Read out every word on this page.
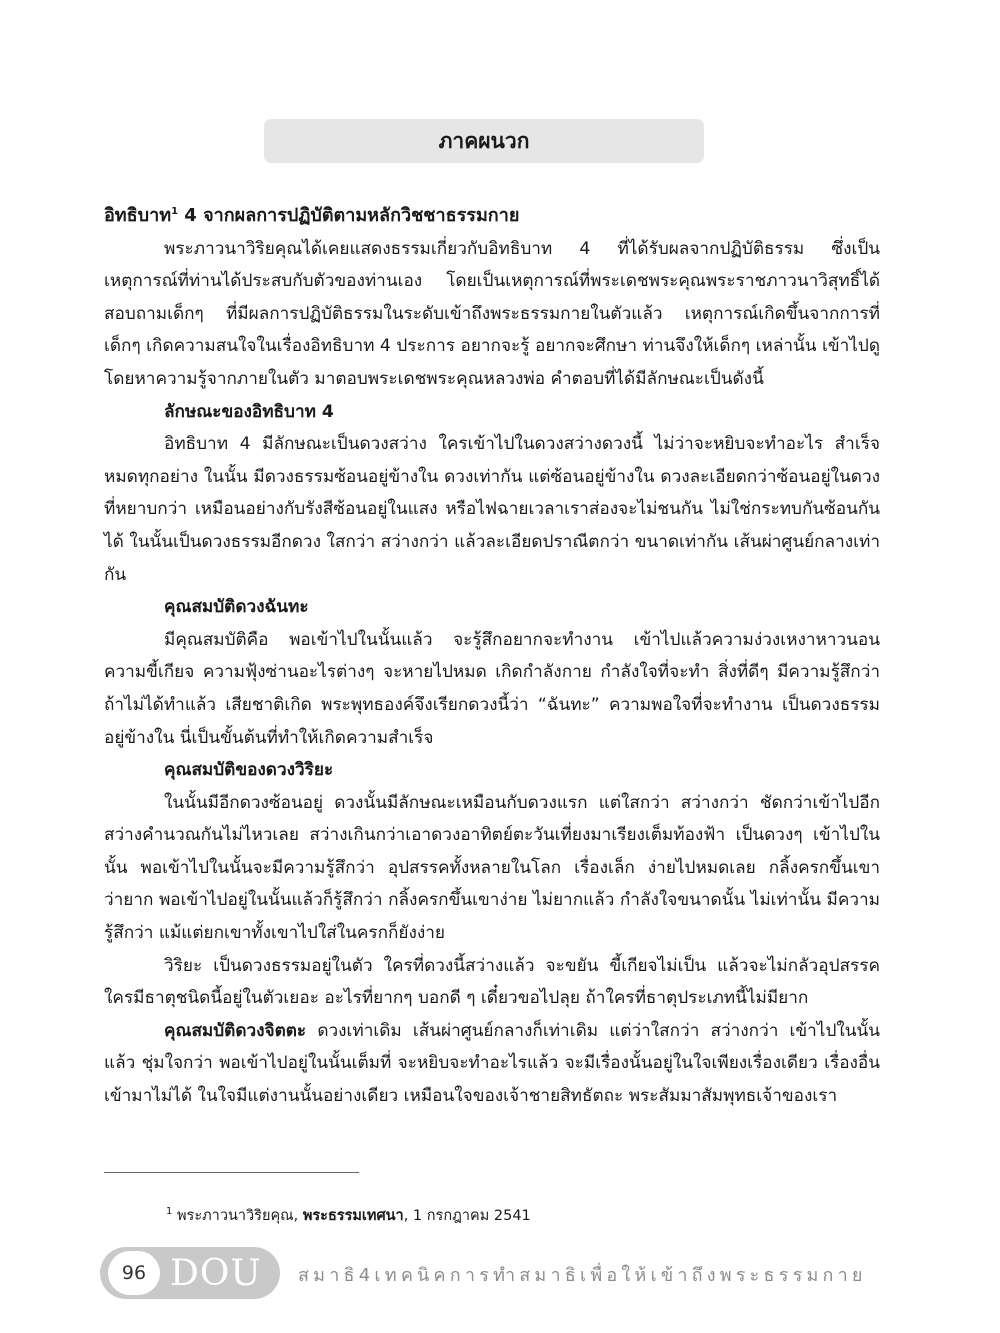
ภาคผนวก

อิทธิบาท$^1$ 4 จากผลการปฏิบัติตามหลักวิชชาธรรมกาย

พระภาวนาวิริยคุณได้เคยแสดงธรรมเกี่ยวกับอิทธิบาท 4 ที่ได้รับผลจากปฏิบัติธรรม ซึ่งเป็นเหตุการณ์ที่ท่านได้ประสบกับตัวของท่านเอง โดยเป็นเหตุการณ์ที่พระเดชพระคุณพระราชภาวนาวิสุทธิ์ได้สอบถามเด็กๆ ที่มีผลการปฏิบัติธรรมในระดับเข้าถึงพระธรรมกายในตัวแล้ว เหตุการณ์เกิดขึ้นจากการที่เด็กๆ เกิดความสนใจในเรื่องอิทธิบาท 4 ประการ อยากจะรู้ อยากจะศึกษา ท่านจึงให้เด็กๆ เหล่านั้น เข้าไปดูโดยหาความรู้จากภายในตัว มาตอบพระเดชพระคุณหลวงพ่อ คำตอบที่ได้มีลักษณะเป็นดังนี้

ลักษณะของอิทธิบาท 4

อิทธิบาท 4 มีลักษณะเป็นดวงสว่าง ใครเข้าไปในดวงสว่างดวงนี้ ไม่ว่าจะหยิบจะทำอะไร สำเร็จหมดทุกอย่าง ในนั้น มีดวงธรรมซ้อนอยู่ข้างใน ดวงเท่ากัน แต่ซ้อนอยู่ข้างใน ดวงละเอียดกว่าซ้อนอยู่ในดวงที่หยาบกว่า เหมือนอย่างกับรังสีซ้อนอยู่ในแสง หรือไฟฉายเวลาเราส่องจะไม่ชนกัน ไม่ใช่กระทบกันซ้อนกันได้ ในนั้นเป็นดวงธรรมอีกดวง ใสกว่า สว่างกว่า แล้วละเอียดปราณีตกว่า ขนาดเท่ากัน เส้นผ่าศูนย์กลางเท่ากัน

คุณสมบัติดวงฉันทะ

มีคุณสมบัติคือ พอเข้าไปในนั้นแล้ว จะรู้สึกอยากจะทำงาน เข้าไปแล้วความง่วงเหงาหาวนอน ความขี้เกียจ ความฟุ้งซ่านอะไรต่างๆ จะหายไปหมด เกิดกำลังกาย กำลังใจที่จะทำ สิ่งที่ดีๆ มีความรู้สึกว่า ถ้าไม่ได้ทำแล้ว เสียชาติเกิด พระพุทธองค์จึงเรียกดวงนี้ว่า “ฉันทะ” ความพอใจที่จะทำงาน เป็นดวงธรรมอยู่ข้างใน นี่เป็นขั้นต้นที่ทำให้เกิดความสำเร็จ

คุณสมบัติของดวงวิริยะ

ในนั้นมีอีกดวงซ้อนอยู่ ดวงนั้นมีลักษณะเหมือนกับดวงแรก แต่ใสกว่า สว่างกว่า ชัดกว่าเข้าไปอีก สว่างคำนวณกันไม่ไหวเลย สว่างเกินกว่าเอาดวงอาทิตย์ตะวันเที่ยงมาเรียงเต็มท้องฟ้า เป็นดวงๆ เข้าไปในนั้น พอเข้าไปในนั้นจะมีความรู้สึกว่า อุปสรรคทั้งหลายในโลก เรื่องเล็ก ง่ายไปหมดเลย กลิ้งครกขึ้นเขาว่ายาก พอเข้าไปอยู่ในนั้นแล้วก็รู้สึกว่า กลิ้งครกขึ้นเขาง่าย ไม่ยากแล้ว กำลังใจขนาดนั้น ไม่เท่านั้น มีความรู้สึกว่า แม้แต่ยกเขาทั้งเขาไปใส่ในครกก็ยังง่าย

วิริยะ เป็นดวงธรรมอยู่ในตัว ใครที่ดวงนี้สว่างแล้ว จะขยัน ขี้เกียจไม่เป็น แล้วจะไม่กลัวอุปสรรค ใครมีธาตุชนิดนี้อยู่ในตัวเยอะ อะไรที่ยากๆ บอกดี ๆ เดี๋ยวขอไปลุย ถ้าใครที่ธาตุประเภทนี้ไม่มียาก

คุณสมบัติดวงจิตตะ ดวงเท่าเดิม เส้นผ่าศูนย์กลางก็เท่าเดิม แต่ว่าใสกว่า สว่างกว่า เข้าไปในนั้นแล้ว ชุ่มใจกว่า พอเข้าไปอยู่ในนั้นเต็มที่ จะหยิบจะทำอะไรแล้ว จะมีเรื่องนั้นอยู่ในใจเพียงเรื่องเดียว เรื่องอื่นเข้ามาไม่ได้ ในใจมีแต่งานนั้นอย่างเดียว เหมือนใจของเจ้าชายสิทธัตถะ พระสัมมาสัมพุทธเจ้าของเรา

$^1$ พระภาวนาวิริยคุณ, พระธรรมเทศนา, 1 กรกฎาคม 2541
96 DOU สมาธิ4เทคนิคการทำสมาธิเพื่อให้เข้าถึงพระธรรมกาย
